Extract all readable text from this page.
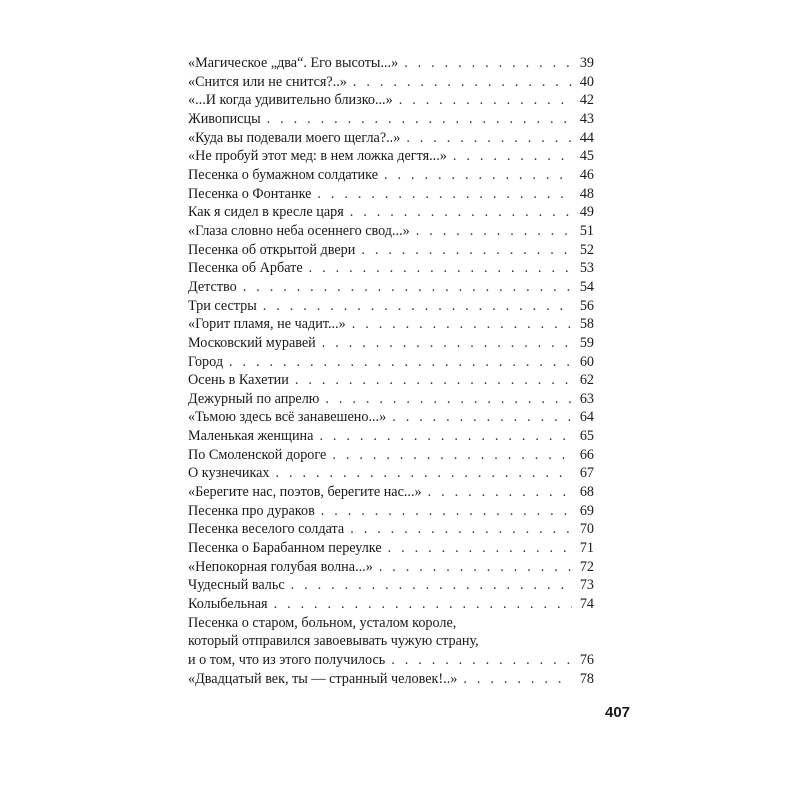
«Магическое „два“. Его высоты...» . . .	39
«Снится или не снится?..» . . .	40
«...И когда удивительно близко...» . . .	42
Живописцы . . .	43
«Куда вы подевали моего щегла?..» . . .	44
«Не пробуй этот мед: в нем ложка дегтя...» . . .	45
Песенка о бумажном солдатике . . .	46
Песенка о Фонтанке . . .	48
Как я сидел в кресле царя . . .	49
«Глаза словно неба осеннего свод...» . . .	51
Песенка об открытой двери . . .	52
Песенка об Арбате . . .	53
Детство . . .	54
Три сестры . . .	56
«Горит пламя, не чадит...» . . .	58
Московский муравей . . .	59
Город . . .	60
Осень в Кахетии . . .	62
Дежурный по апрелю . . .	63
«Тьмою здесь всё занавешено...» . . .	64
Маленькая женщина . . .	65
По Смоленской дороге . . .	66
О кузнечиках . . .	67
«Берегите нас, поэтов, берегите нас...» . . .	68
Песенка про дураков . . .	69
Песенка веселого солдата . . .	70
Песенка о Барабанном переулке . . .	71
«Непокорная голубая волна...» . . .	72
Чудесный вальс . . .	73
Колыбельная . . .	74
Песенка о старом, больном, усталом короле,
который отправился завоевывать чужую страну,
и о том, что из этого получилось . . .	76
«Двадцатый век, ты — странный человек!..» . . .	78
407
